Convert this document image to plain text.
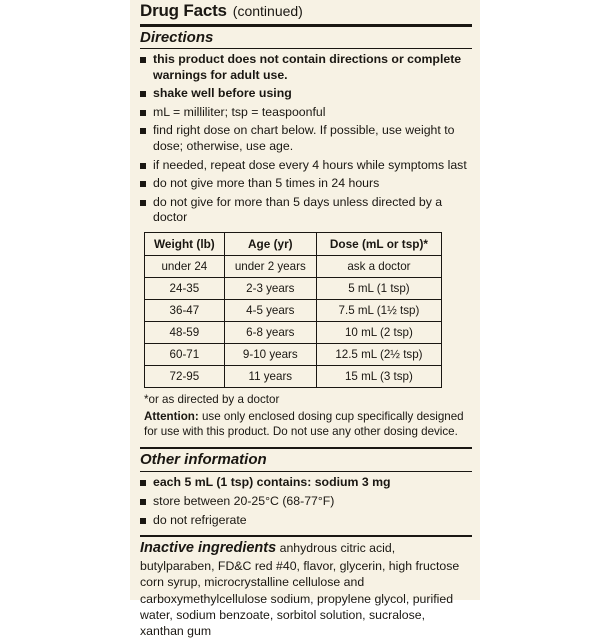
Drug Facts (continued)
Directions
this product does not contain directions or complete warnings for adult use.
shake well before using
mL = milliliter; tsp = teaspoonful
find right dose on chart below. If possible, use weight to dose; otherwise, use age.
if needed, repeat dose every 4 hours while symptoms last
do not give more than 5 times in 24 hours
do not give for more than 5 days unless directed by a doctor
Weight (lb)	Age (yr)	Dose (mL or tsp)*
under 24	under 2 years	ask a doctor
24-35	2-3 years	5 mL (1 tsp)
36-47	4-5 years	7.5 mL (1½ tsp)
48-59	6-8 years	10 mL (2 tsp)
60-71	9-10 years	12.5 mL (2½ tsp)
72-95	11 years	15 mL (3 tsp)
*or as directed by a doctor
Attention: use only enclosed dosing cup specifically designed for use with this product. Do not use any other dosing device.
Other information
each 5 mL (1 tsp) contains: sodium 3 mg
store between 20-25°C (68-77°F)
do not refrigerate
Inactive ingredients anhydrous citric acid, butylparaben, FD&C red #40, flavor, glycerin, high fructose corn syrup, microcrystalline cellulose and carboxymethylcellulose sodium, propylene glycol, purified water, sodium benzoate, sorbitol solution, sucralose, xanthan gum
